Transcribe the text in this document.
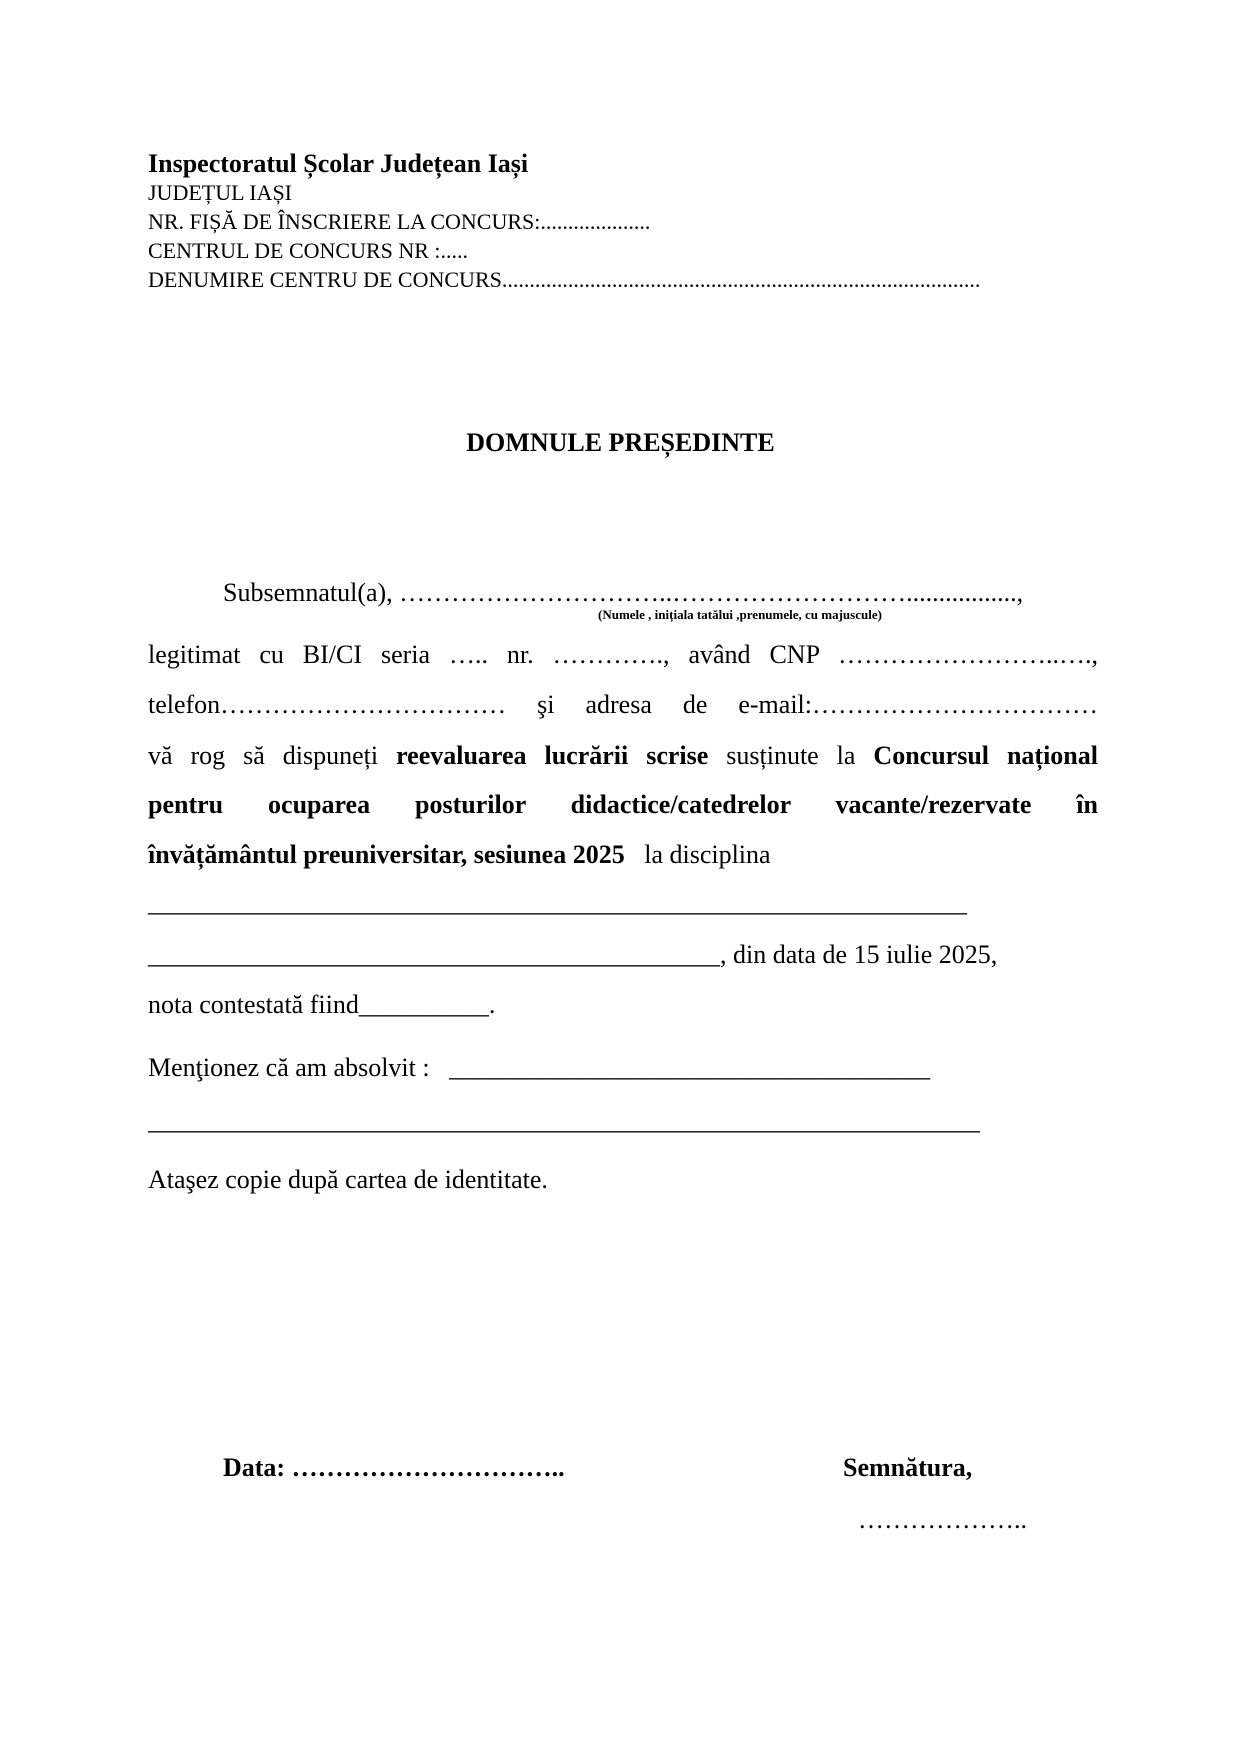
Inspectoratul Școlar Județean Iași
JUDEȚUL IAȘI
NR. FIȘĂ DE ÎNSCRIERE LA CONCURS:....................
CENTRUL DE CONCURS NR :.....
DENUMIRE CENTRU DE CONCURS.......................................................................................
DOMNULE PREȘEDINTE
Subsemnatul(a), …………………………..……………………….................,
(Numele , inițiala tatălui ,prenumele, cu majuscule)
legitimat cu BI/CI seria ….. nr. …………., având CNP ……………………..….,
telefon…………………………… şi adresa de e-mail:……………………………
vă rog să dispuneți reevaluarea lucrării scrise susținute la Concursul național
pentru ocuparea posturilor didactice/catedrelor vacante/rezervate în
învățământul preuniversitar, sesiunea 2025   la disciplina
_______________________________________________________________
____________________________________________, din data de 15 iulie 2025,
nota contestată fiind__________.
Menţionez că am absolvit :   _____________________________________
________________________________________________________________
Ataşez copie după cartea de identitate.
Data: …………………………..	Semnătura,
………………..
